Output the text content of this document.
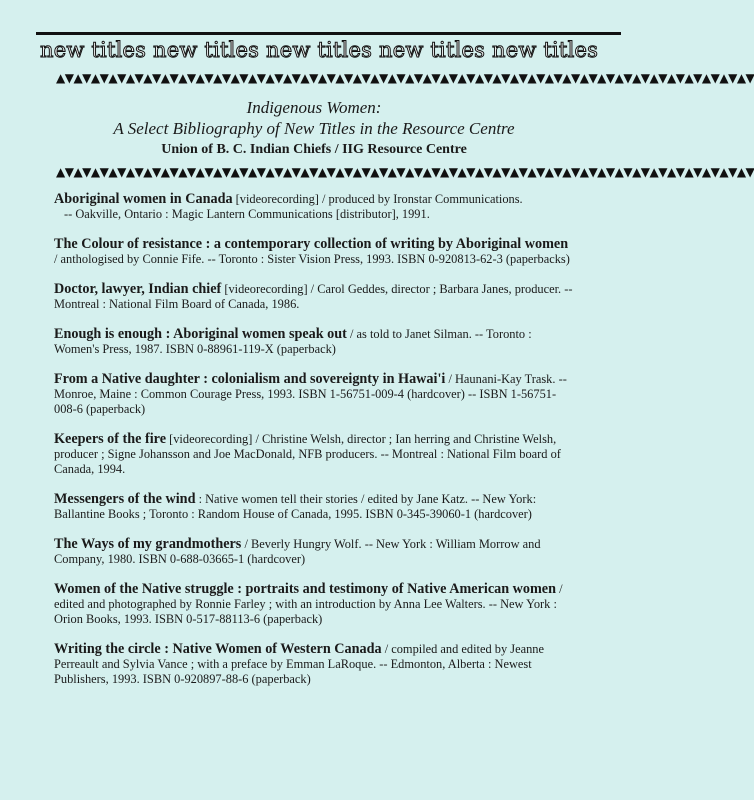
new titles new titles new titles new titles new titles
▲▼▲▼▲▼▲▼▲▼▲▼▲▼▲▼▲▼▲▼▲▼▲▼▲▼▲▼▲▼▲▼▲▼▲▼▲▼▲▼▲▼▲▼▲▼▲▼▲▼▲▼▲▼▲▼▲▼▲▼▲▼▲▼▲▼▲▼▲▼▲▼▲▼▲▼▲▼▲▼
Indigenous Women:
A Select Bibliography of New Titles in the Resource Centre
Union of B. C. Indian Chiefs / IIG Resource Centre
▲▼▲▼▲▼▲▼▲▼▲▼▲▼▲▼▲▼▲▼▲▼▲▼▲▼▲▼▲▼▲▼▲▼▲▼▲▼▲▼▲▼▲▼▲▼▲▼▲▼▲▼▲▼▲▼▲▼▲▼▲▼▲▼▲▼▲▼▲▼▲▼▲▼▲▼▲▼▲▼
Aboriginal women in Canada [videorecording] / produced by Ironstar Communications.
-- Oakville, Ontario : Magic Lantern Communications [distributor], 1991.
The Colour of resistance : a contemporary collection of writing by Aboriginal women / anthologised by Connie Fife. -- Toronto : Sister Vision Press, 1993. ISBN 0-920813-62-3 (paperbacks)
Doctor, lawyer, Indian chief [videorecording] / Carol Geddes, director ; Barbara Janes, producer. -- Montreal : National Film Board of Canada, 1986.
Enough is enough : Aboriginal women speak out / as told to Janet Silman. -- Toronto : Women's Press, 1987. ISBN 0-88961-119-X (paperback)
From a Native daughter : colonialism and sovereignty in Hawai'i / Haunani-Kay Trask. -- Monroe, Maine : Common Courage Press, 1993. ISBN 1-56751-009-4 (hardcover) -- ISBN 1-56751-008-6 (paperback)
Keepers of the fire [videorecording] / Christine Welsh, director ; Ian herring and Christine Welsh, producer ; Signe Johansson and Joe MacDonald, NFB producers. -- Montreal : National Film board of Canada, 1994.
Messengers of the wind : Native women tell their stories / edited by Jane Katz. -- New York: Ballantine Books ; Toronto : Random House of Canada, 1995. ISBN 0-345-39060-1 (hardcover)
The Ways of my grandmothers / Beverly Hungry Wolf. -- New York : William Morrow and Company, 1980. ISBN 0-688-03665-1 (hardcover)
Women of the Native struggle : portraits and testimony of Native American women / edited and photographed by Ronnie Farley ; with an introduction by Anna Lee Walters. -- New York : Orion Books, 1993. ISBN 0-517-88113-6 (paperback)
Writing the circle : Native Women of Western Canada / compiled and edited by Jeanne Perreault and Sylvia Vance ; with a preface by Emman LaRoque. -- Edmonton, Alberta : Newest Publishers, 1993. ISBN 0-920897-88-6 (paperback)
